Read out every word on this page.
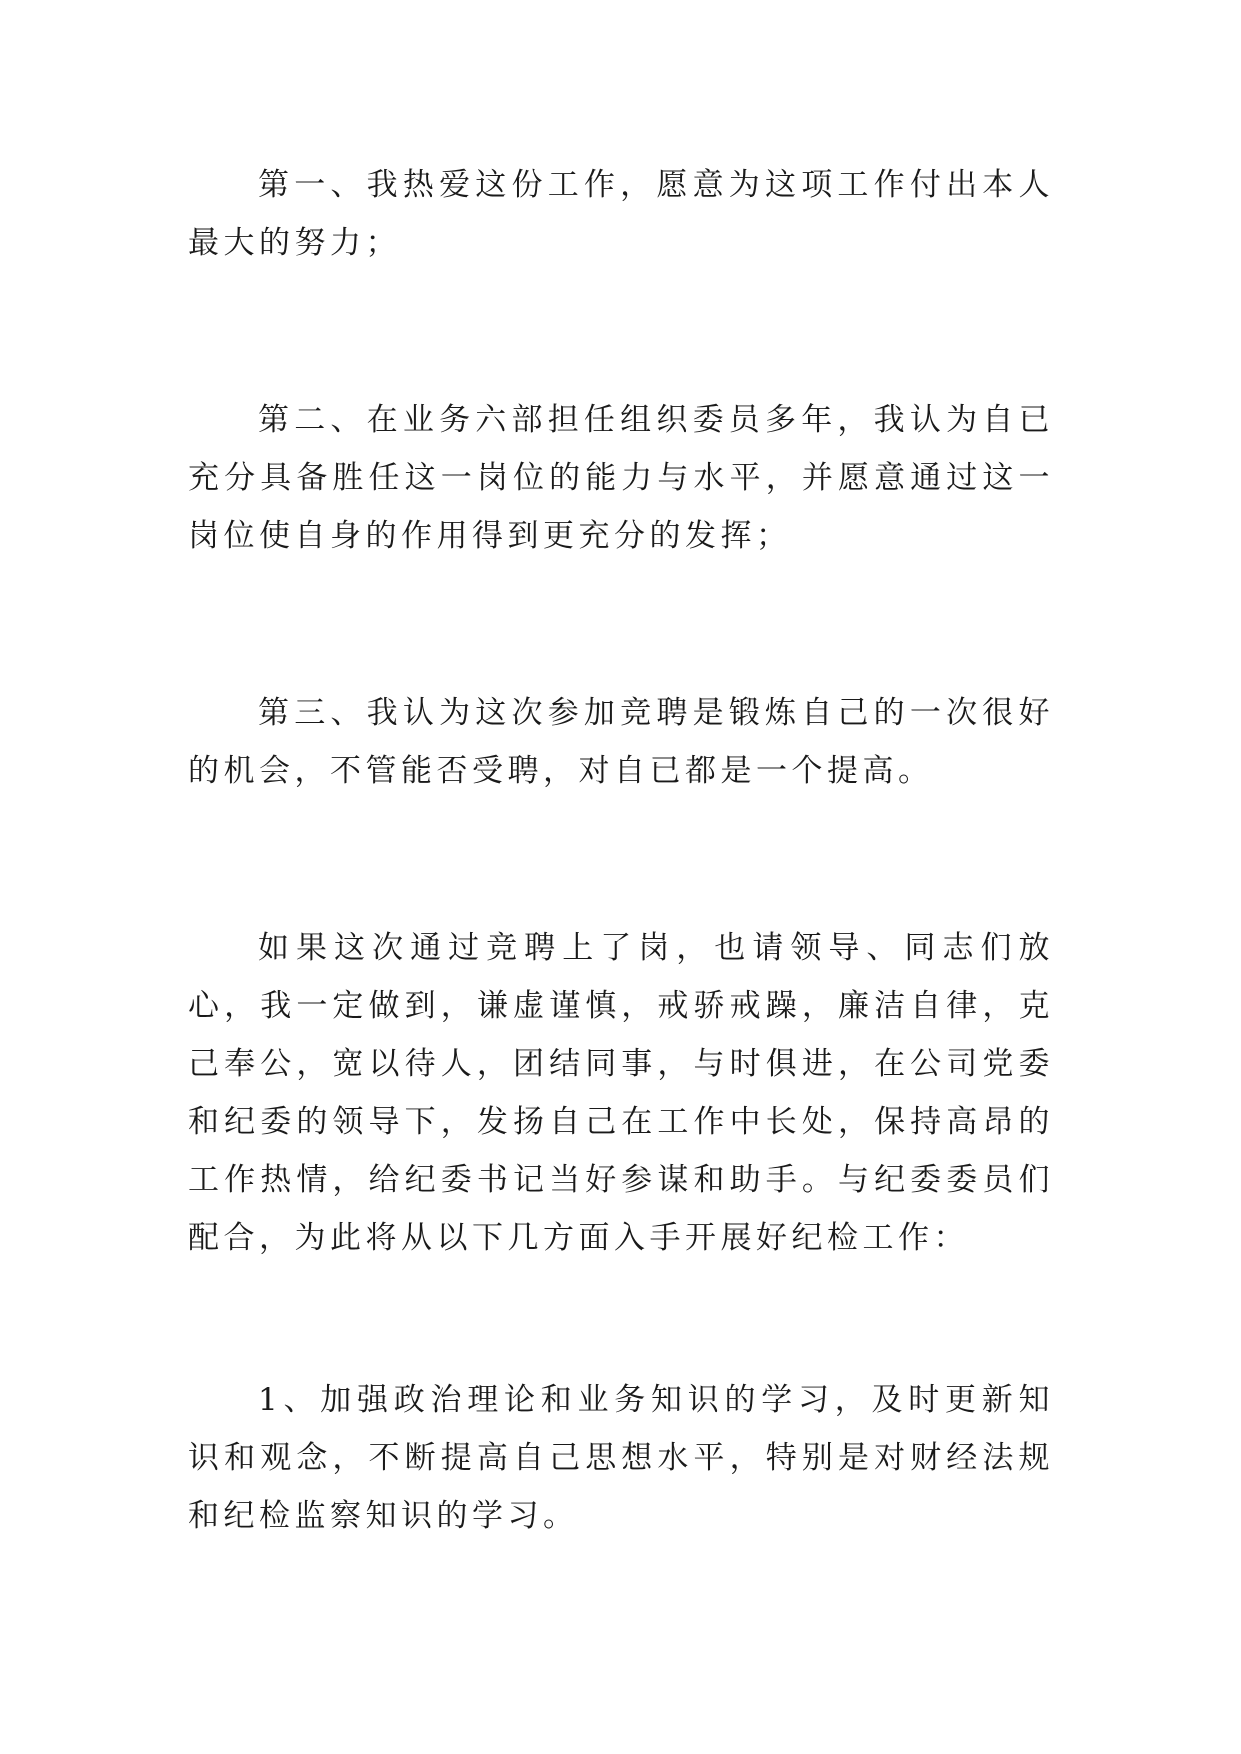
第一、我热爱这份工作，愿意为这项工作付出本人最大的努力；

第二、在业务六部担任组织委员多年，我认为自已充分具备胜任这一岗位的能力与水平，并愿意通过这一岗位使自身的作用得到更充分的发挥；

第三、我认为这次参加竞聘是锻炼自己的一次很好的机会，不管能否受聘，对自已都是一个提高。

如果这次通过竞聘上了岗，也请领导、同志们放心，我一定做到，谦虚谨慎，戒骄戒躁，廉洁自律，克己奉公，宽以待人，团结同事，与时俱进，在公司党委和纪委的领导下，发扬自己在工作中长处，保持高昂的工作热情，给纪委书记当好参谋和助手。与纪委委员们配合，为此将从以下几方面入手开展好纪检工作：

1、加强政治理论和业务知识的学习，及时更新知识和观念，不断提高自己思想水平，特别是对财经法规和纪检监察知识的学习。
